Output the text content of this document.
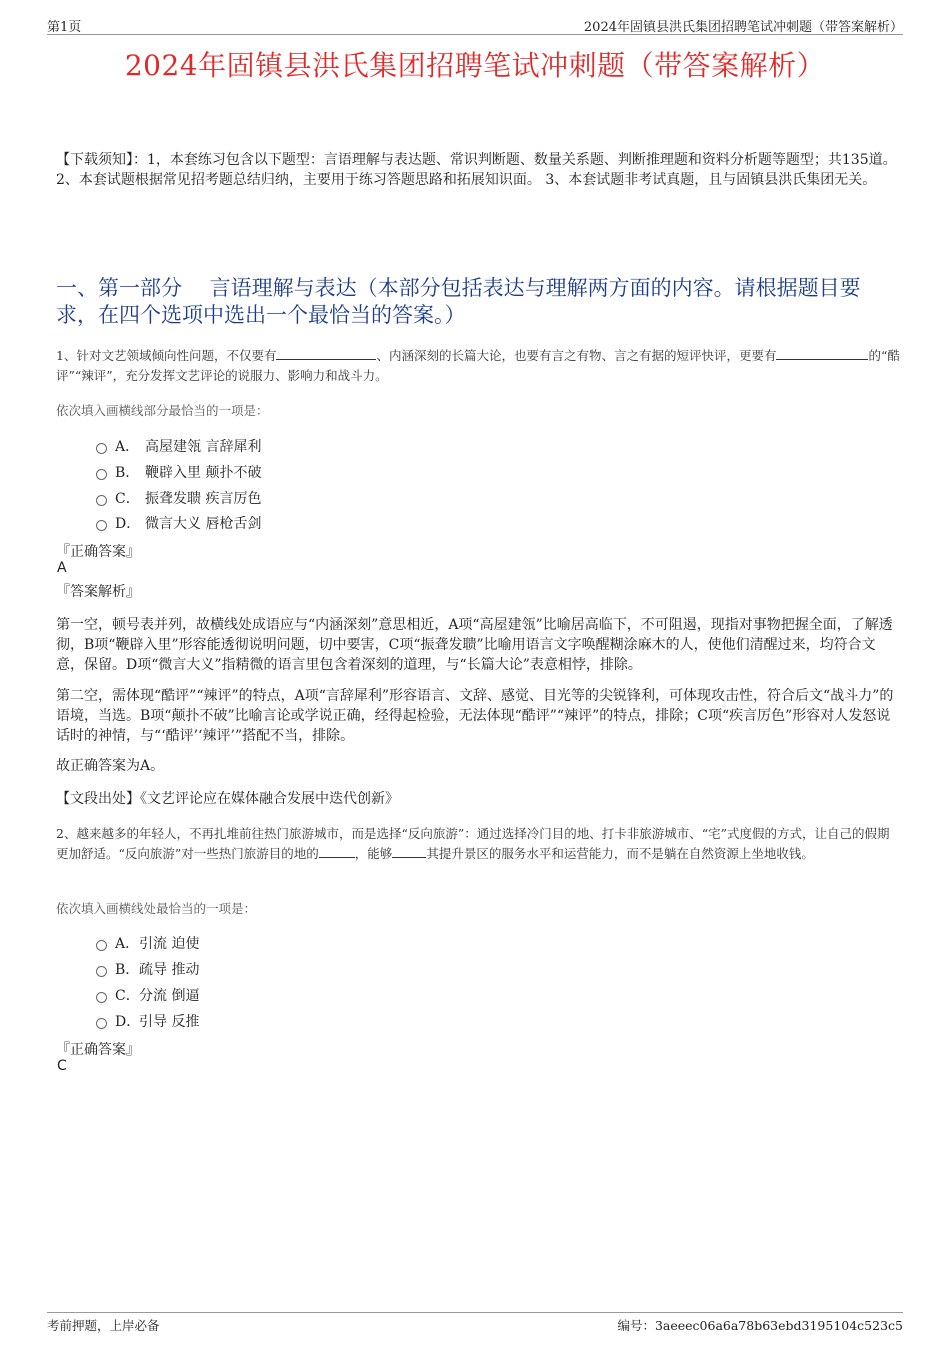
第1页	2024年固镇县洪氏集团招聘笔试冲刺题（带答案解析）
2024年固镇县洪氏集团招聘笔试冲刺题（带答案解析）
【下载须知】：1，本套练习包含以下题型：言语理解与表达题、常识判断题、数量关系题、判断推理题和资料分析题等题型；共135道。 2、本套试题根据常见招考题总结归纳，主要用于练习答题思路和拓展知识面。 3、本套试题非考试真题，且与固镇县洪氏集团无关。
一、第一部分　 言语理解与表达（本部分包括表达与理解两方面的内容。请根据题目要求，在四个选项中选出一个最恰当的答案。）
1、针对文艺领域倾向性问题，不仅要有	、内涵深刻的长篇大论，也要有言之有物、言之有据的短评快评，更要有	的“酷评”“辣评”，充分发挥文艺评论的说服力、影响力和战斗力。
依次填入画横线部分最恰当的一项是：
A． 高屋建瓴 言辞犀利
B． 鞭辟入里 颠扑不破
C． 振聋发聩 疾言厉色
D． 微言大义 唇枪舌剑
『正确答案』
A
『答案解析』
第一空，顿号表并列，故横线处成语应与“内涵深刻”意思相近，A项“高屋建瓴”比喻居高临下，不可阻遏，现指对事物把握全面，了解透彻，B项“鞭辟入里”形容能透彻说明问题，切中要害，C项“振聋发聩”比喻用语言文字唤醒糊涂麻木的人，使他们清醒过来，均符合文意，保留。D项“微言大义”指精微的语言里包含着深刻的道理，与“长篇大论”表意相悖，排除。
第二空，需体现“酷评”“辣评”的特点，A项“言辞犀利”形容语言、文辞、感觉、目光等的尖锐锋利，可体现攻击性，符合后文“战斗力”的语境，当选。B项“颠扑不破”比喻言论或学说正确，经得起检验，无法体现“酷评”“辣评”的特点，排除；C项“疾言厉色”形容对人发怒说话时的神情，与“‘酷评’‘辣评’”搭配不当，排除。
故正确答案为A。
【文段出处】《文艺评论应在媒体融合发展中迭代创新》
2、越来越多的年轻人，不再扎堆前往热门旅游城市，而是选择“反向旅游”：通过选择冷门目的地、打卡非旅游城市、“宅”式度假的方式，让自己的假期更加舒适。“反向旅游”对一些热门旅游目的地的	，能够	其提升景区的服务水平和运营能力，而不是躺在自然资源上坐地收钱。
依次填入画横线处最恰当的一项是：
A． 引流 迫使
B． 疏导 推动
C． 分流 倒逼
D．
引导 反推
『正确答案』
C
考前押题，上岸必备	编号：3aeeec06a6a78b63ebd3195104c523c5
